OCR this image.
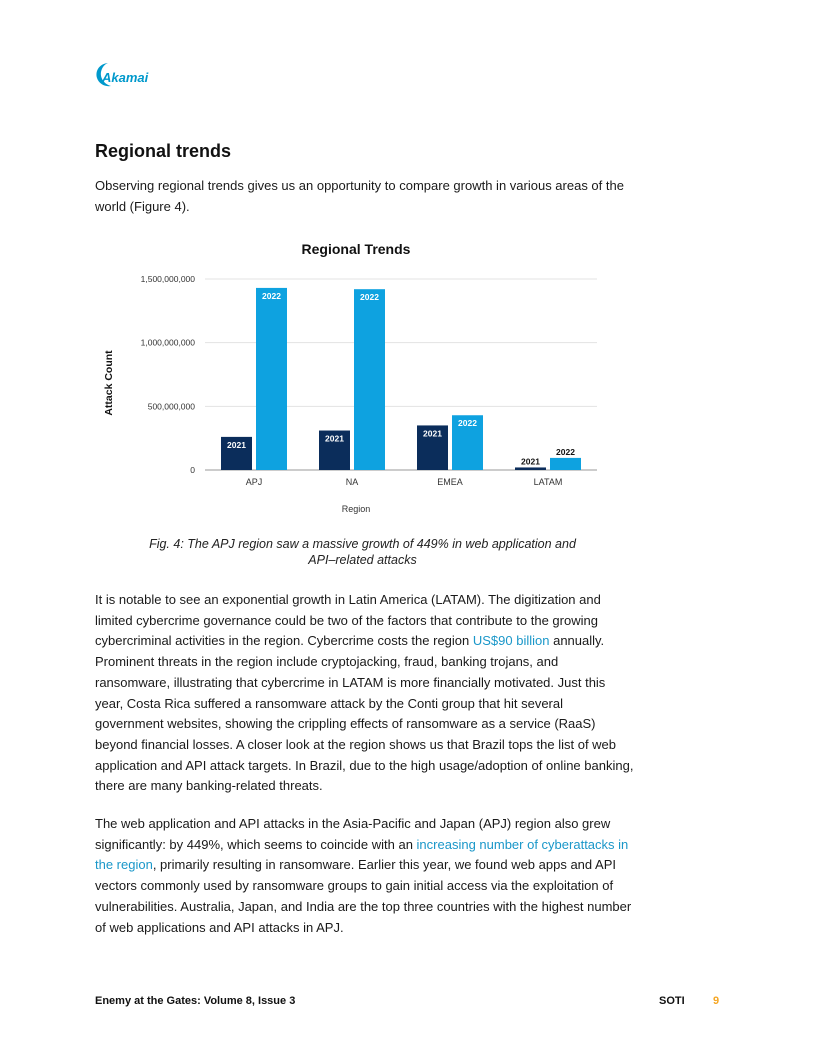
Akamai
Regional trends

Observing regional trends gives us an opportunity to compare growth in various areas of the world (Figure 4).

Regional Trends
Attack Count
Region
0
500,000,000
1,000,000,000
1,500,000,000
2021
2022
2021
2022
2021
2022
2021
2022
APJ	NA	EMEA	LATAM

Fig. 4: The APJ region saw a massive growth of 449% in web application and API–related attacks

It is notable to see an exponential growth in Latin America (LATAM). The digitization and limited cybercrime governance could be two of the factors that contribute to the growing cybercriminal activities in the region. Cybercrime costs the region US$90 billion annually. Prominent threats in the region include cryptojacking, fraud, banking trojans, and ransomware, illustrating that cybercrime in LATAM is more financially motivated. Just this year, Costa Rica suffered a ransomware attack by the Conti group that hit several government websites, showing the crippling effects of ransomware as a service (RaaS) beyond financial losses. A closer look at the region shows us that Brazil tops the list of web application and API attack targets. In Brazil, due to the high usage/adoption of online banking, there are many banking-related threats.

The web application and API attacks in the Asia-Pacific and Japan (APJ) region also grew significantly: by 449%, which seems to coincide with an increasing number of cyberattacks in the region, primarily resulting in ransomware. Earlier this year, we found web apps and API vectors commonly used by ransomware groups to gain initial access via the exploitation of vulnerabilities. Australia, Japan, and India are the top three countries with the highest number of web applications and API attacks in APJ.

Enemy at the Gates: Volume 8, Issue 3	SOTI	9
